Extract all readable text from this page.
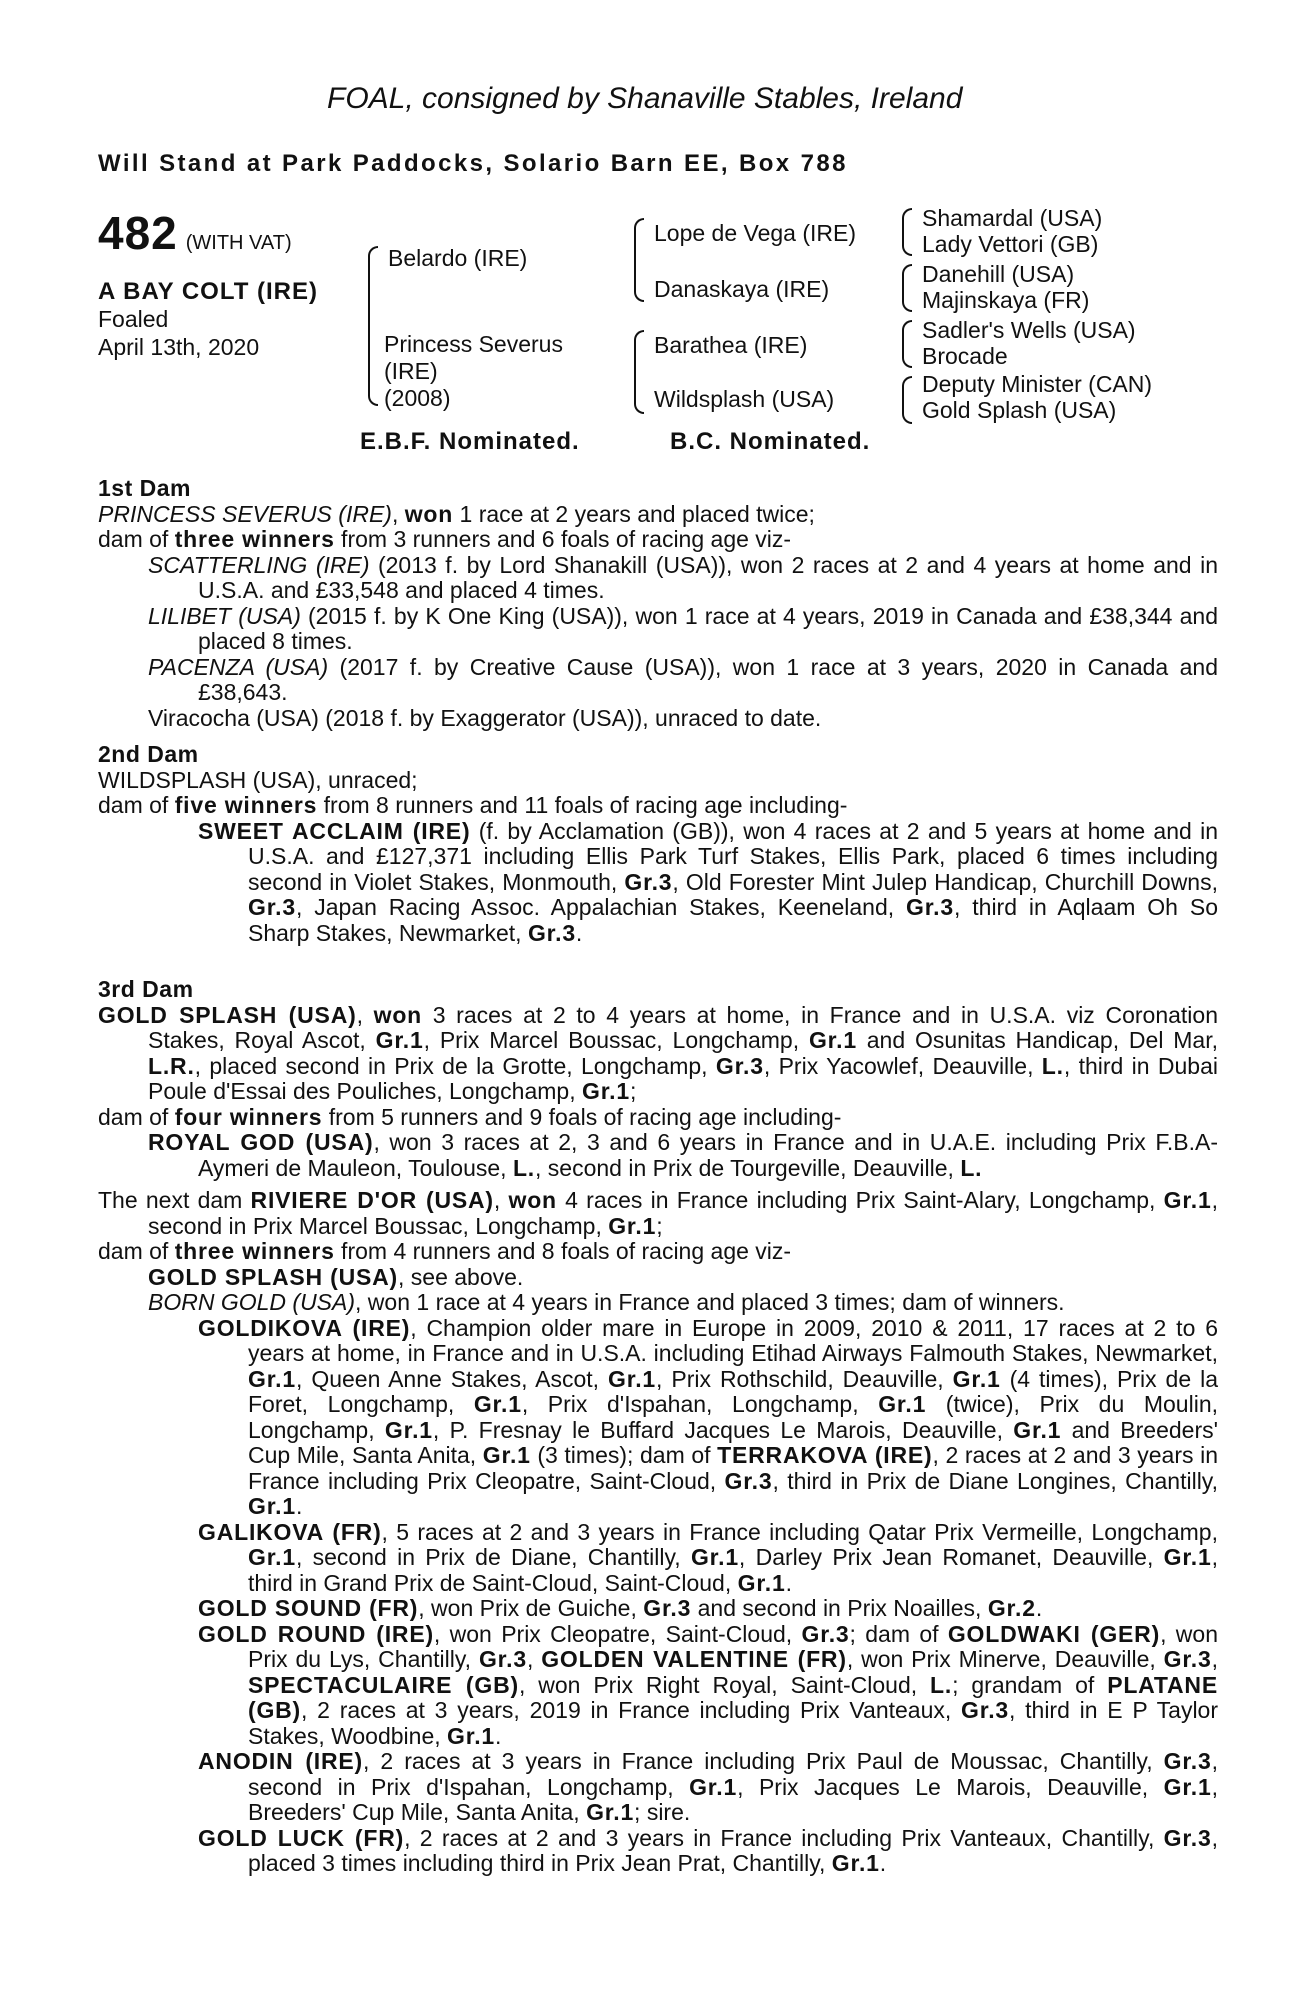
FOAL, consigned by Shanaville Stables, Ireland
Will Stand at Park Paddocks, Solario Barn EE, Box 788
482 (WITH VAT)
A BAY COLT (IRE)
Foaled
April 13th, 2020
Belardo (IRE)
Princess Severus
(IRE)
(2008)
Lope de Vega (IRE)
Danaskaya (IRE)
Barathea (IRE)
Wildsplash (USA)
Shamardal (USA)
Lady Vettori (GB)
Danehill (USA)
Majinskaya (FR)
Sadler's Wells (USA)
Brocade
Deputy Minister (CAN)
Gold Splash (USA)
E.B.F. Nominated.	B.C. Nominated.
1st Dam

PRINCESS SEVERUS (IRE), won 1 race at 2 years and placed twice;

dam of three winners from 3 runners and 6 foals of racing age viz-

SCATTERLING (IRE) (2013 f. by Lord Shanakill (USA)), won 2 races at 2 and 4 years at home and in U.S.A. and £33,548 and placed 4 times.

LILIBET (USA) (2015 f. by K One King (USA)), won 1 race at 4 years, 2019 in Canada and £38,344 and placed 8 times.

PACENZA (USA) (2017 f. by Creative Cause (USA)), won 1 race at 3 years, 2020 in Canada and £38,643.

Viracocha (USA) (2018 f. by Exaggerator (USA)), unraced to date.

2nd Dam

WILDSPLASH (USA), unraced;

dam of five winners from 8 runners and 11 foals of racing age including-

SWEET ACCLAIM (IRE) (f. by Acclamation (GB)), won 4 races at 2 and 5 years at home and in U.S.A. and £127,371 including Ellis Park Turf Stakes, Ellis Park, placed 6 times including second in Violet Stakes, Monmouth, Gr.3, Old Forester Mint Julep Handicap, Churchill Downs, Gr.3, Japan Racing Assoc. Appalachian Stakes, Keeneland, Gr.3, third in Aqlaam Oh So Sharp Stakes, Newmarket, Gr.3.

3rd Dam

GOLD SPLASH (USA), won 3 races at 2 to 4 years at home, in France and in U.S.A. viz Coronation Stakes, Royal Ascot, Gr.1, Prix Marcel Boussac, Longchamp, Gr.1 and Osunitas Handicap, Del Mar, L.R., placed second in Prix de la Grotte, Longchamp, Gr.3, Prix Yacowlef, Deauville, L., third in Dubai Poule d'Essai des Pouliches, Longchamp, Gr.1;

dam of four winners from 5 runners and 9 foals of racing age including-

ROYAL GOD (USA), won 3 races at 2, 3 and 6 years in France and in U.A.E. including Prix F.B.A-Aymeri de Mauleon, Toulouse, L., second in Prix de Tourgeville, Deauville, L.

The next dam RIVIERE D'OR (USA), won 4 races in France including Prix Saint-Alary, Longchamp, Gr.1, second in Prix Marcel Boussac, Longchamp, Gr.1;

dam of three winners from 4 runners and 8 foals of racing age viz-

GOLD SPLASH (USA), see above.

BORN GOLD (USA), won 1 race at 4 years in France and placed 3 times; dam of winners.

GOLDIKOVA (IRE), Champion older mare in Europe in 2009, 2010 & 2011, 17 races at 2 to 6 years at home, in France and in U.S.A. including Etihad Airways Falmouth Stakes, Newmarket, Gr.1, Queen Anne Stakes, Ascot, Gr.1, Prix Rothschild, Deauville, Gr.1 (4 times), Prix de la Foret, Longchamp, Gr.1, Prix d'Ispahan, Longchamp, Gr.1 (twice), Prix du Moulin, Longchamp, Gr.1, P. Fresnay le Buffard Jacques Le Marois, Deauville, Gr.1 and Breeders' Cup Mile, Santa Anita, Gr.1 (3 times); dam of TERRAKOVA (IRE), 2 races at 2 and 3 years in France including Prix Cleopatre, Saint-Cloud, Gr.3, third in Prix de Diane Longines, Chantilly, Gr.1.

GALIKOVA (FR), 5 races at 2 and 3 years in France including Qatar Prix Vermeille, Longchamp, Gr.1, second in Prix de Diane, Chantilly, Gr.1, Darley Prix Jean Romanet, Deauville, Gr.1, third in Grand Prix de Saint-Cloud, Saint-Cloud, Gr.1.

GOLD SOUND (FR), won Prix de Guiche, Gr.3 and second in Prix Noailles, Gr.2.

GOLD ROUND (IRE), won Prix Cleopatre, Saint-Cloud, Gr.3; dam of GOLDWAKI (GER), won Prix du Lys, Chantilly, Gr.3, GOLDEN VALENTINE (FR), won Prix Minerve, Deauville, Gr.3, SPECTACULAIRE (GB), won Prix Right Royal, Saint-Cloud, L.; grandam of PLATANE (GB), 2 races at 3 years, 2019 in France including Prix Vanteaux, Gr.3, third in E P Taylor Stakes, Woodbine, Gr.1.

ANODIN (IRE), 2 races at 3 years in France including Prix Paul de Moussac, Chantilly, Gr.3, second in Prix d'Ispahan, Longchamp, Gr.1, Prix Jacques Le Marois, Deauville, Gr.1, Breeders' Cup Mile, Santa Anita, Gr.1; sire.

GOLD LUCK (FR), 2 races at 2 and 3 years in France including Prix Vanteaux, Chantilly, Gr.3, placed 3 times including third in Prix Jean Prat, Chantilly, Gr.1.
